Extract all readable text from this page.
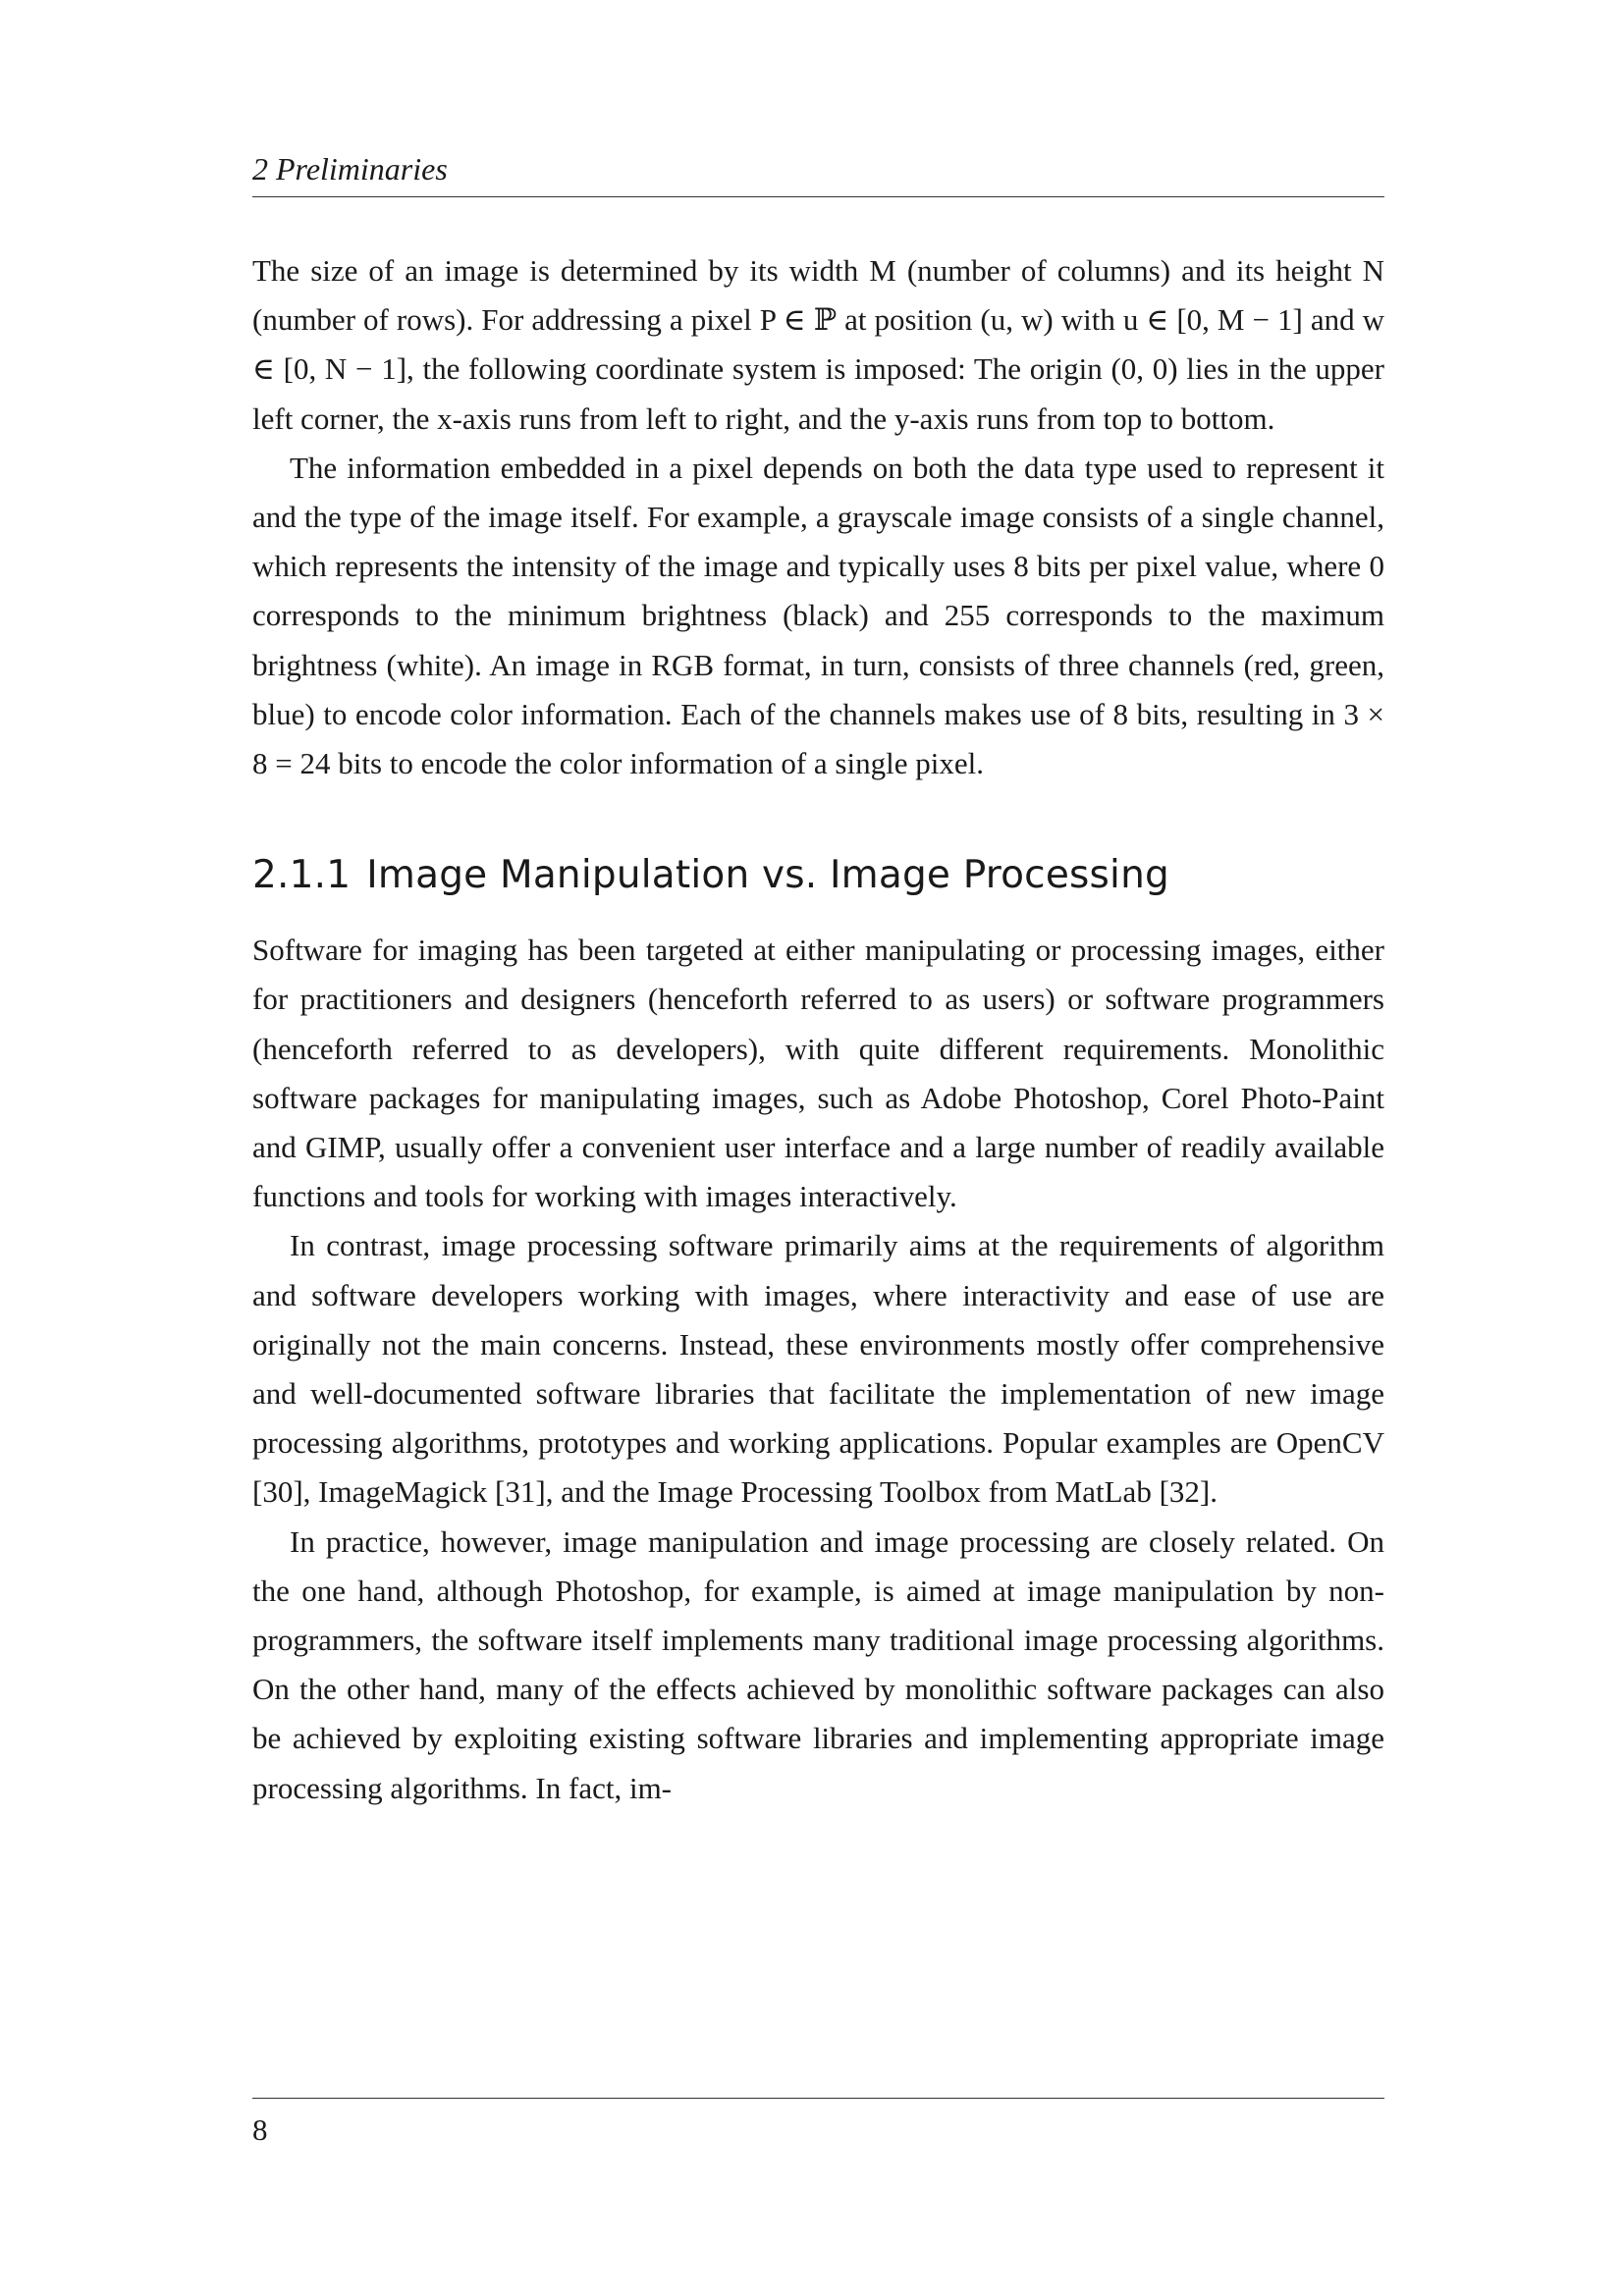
2 Preliminaries

The size of an image is determined by its width M (number of columns) and its height N (number of rows). For addressing a pixel P ∈ ℙ at position (u, w) with u ∈ [0, M − 1] and w ∈ [0, N − 1], the following coordinate system is imposed: The origin (0, 0) lies in the upper left corner, the x-axis runs from left to right, and the y-axis runs from top to bottom.

The information embedded in a pixel depends on both the data type used to represent it and the type of the image itself. For example, a grayscale image consists of a single channel, which represents the intensity of the image and typically uses 8 bits per pixel value, where 0 corresponds to the minimum brightness (black) and 255 corresponds to the maximum brightness (white). An image in RGB format, in turn, consists of three channels (red, green, blue) to encode color information. Each of the channels makes use of 8 bits, resulting in 3 × 8 = 24 bits to encode the color information of a single pixel.

2.1.1 Image Manipulation vs. Image Processing

Software for imaging has been targeted at either manipulating or processing images, either for practitioners and designers (henceforth referred to as users) or software programmers (henceforth referred to as developers), with quite different requirements. Monolithic software packages for manipulating images, such as Adobe Photoshop, Corel Photo-Paint and GIMP, usually offer a convenient user interface and a large number of readily available functions and tools for working with images interactively.

In contrast, image processing software primarily aims at the requirements of algorithm and software developers working with images, where interactivity and ease of use are originally not the main concerns. Instead, these environments mostly offer comprehensive and well-documented software libraries that facilitate the implementation of new image processing algorithms, prototypes and working applications. Popular examples are OpenCV [30], ImageMagick [31], and the Image Processing Toolbox from MatLab [32].

In practice, however, image manipulation and image processing are closely related. On the one hand, although Photoshop, for example, is aimed at image manipulation by non-programmers, the software itself implements many traditional image processing algorithms. On the other hand, many of the effects achieved by monolithic software packages can also be achieved by exploiting existing software libraries and implementing appropriate image processing algorithms. In fact, im-

8
